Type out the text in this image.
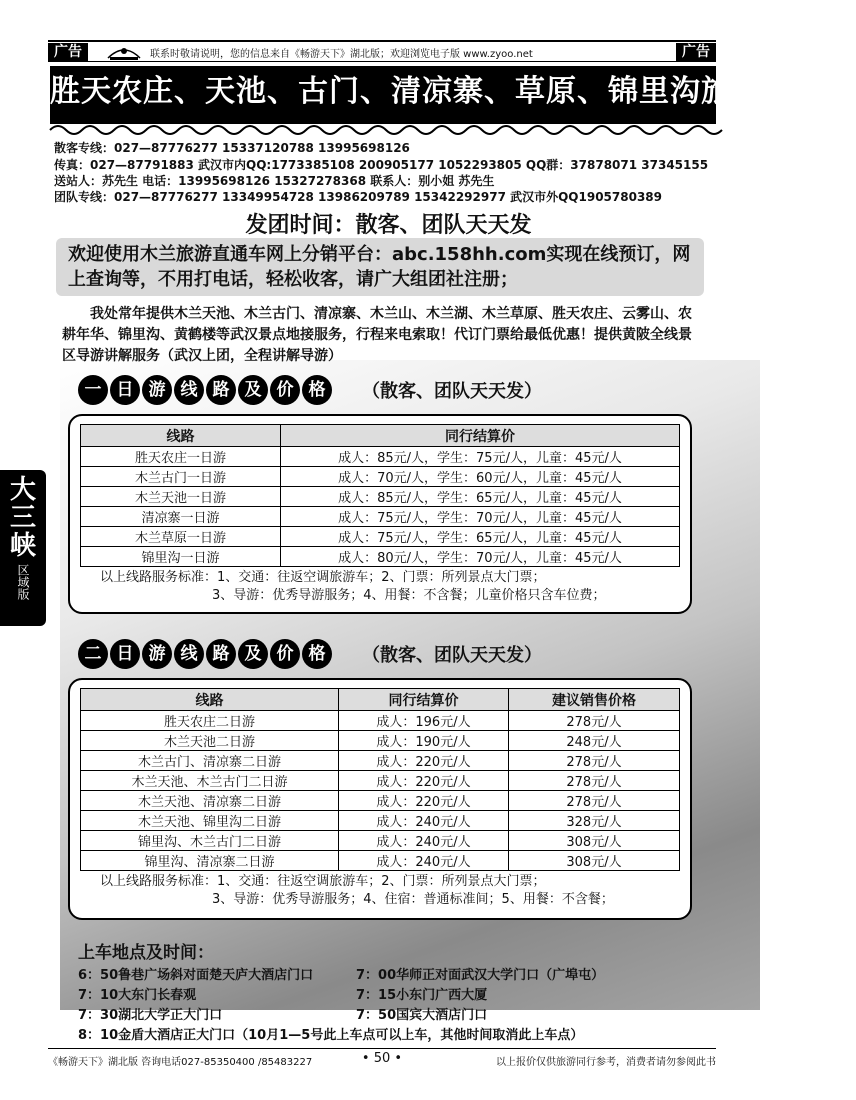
广告	联系时敬请说明，您的信息来自《畅游天下》湖北版；欢迎浏览电子版 www.zyoo.net	广告
胜天农庄、天池、古门、清凉寨、草原、锦里沟旅游直通车
散客专线：027—87776277 15337120788 13995698126
传真：027—87791883 武汉市内QQ:1773385108 200905177 1052293805 QQ群：37878071 37345155
送站人：苏先生 电话：13995698126 15327278368 联系人：别小姐 苏先生
团队专线：027—87776277 13349954728 13986209789 15342292977 武汉市外QQ1905780389
发团时间：散客、团队天天发
欢迎使用木兰旅游直通车网上分销平台：abc.158hh.com实现在线预订，网上查询等，不用打电话，轻松收客，请广大组团社注册；
我处常年提供木兰天池、木兰古门、清凉寨、木兰山、木兰湖、木兰草原、胜天农庄、云雾山、农耕年华、锦里沟、黄鹤楼等武汉景点地接服务，行程来电索取！代订门票给最低优惠！提供黄陂全线景区导游讲解服务（武汉上团，全程讲解导游）
大三峡
区域版
一 日 游 线 路 及 价 格	（散客、团队天天发）
线路	同行结算价
胜天农庄一日游	成人：85元/人，学生：75元/人，儿童：45元/人
木兰古门一日游	成人：70元/人，学生：60元/人，儿童：45元/人
木兰天池一日游	成人：85元/人，学生：65元/人，儿童：45元/人
清凉寨一日游	成人：75元/人，学生：70元/人，儿童：45元/人
木兰草原一日游	成人：75元/人，学生：65元/人，儿童：45元/人
锦里沟一日游	成人：80元/人，学生：70元/人，儿童：45元/人
以上线路服务标准：1、交通：往返空调旅游车；2、门票：所列景点大门票；
3、导游：优秀导游服务；4、用餐：不含餐；儿童价格只含车位费；
二 日 游 线 路 及 价 格	（散客、团队天天发）
线路	同行结算价	建议销售价格
胜天农庄二日游	成人：196元/人	278元/人
木兰天池二日游	成人：190元/人	248元/人
木兰古门、清凉寨二日游	成人：220元/人	278元/人
木兰天池、木兰古门二日游	成人：220元/人	278元/人
木兰天池、清凉寨二日游	成人：220元/人	278元/人
木兰天池、锦里沟二日游	成人：240元/人	328元/人
锦里沟、木兰古门二日游	成人：240元/人	308元/人
锦里沟、清凉寨二日游	成人：240元/人	308元/人
以上线路服务标准：1、交通：往返空调旅游车；2、门票：所列景点大门票；
3、导游：优秀导游服务；4、住宿：普通标准间；5、用餐：不含餐；
上车地点及时间：
6：50鲁巷广场斜对面楚天庐大酒店门口	7：00华师正对面武汉大学门口（广埠屯）
7：10大东门长春观	7：15小东门广西大厦
7：30湖北大学正大门口	7：50国宾大酒店门口
8：10金盾大酒店正大门口（10月1—5号此上车点可以上车，其他时间取消此上车点）
《畅游天下》湖北版 咨询电话027-85350400 /85483227	• 50 •	以上报价仅供旅游同行参考，消费者请勿参阅此书
